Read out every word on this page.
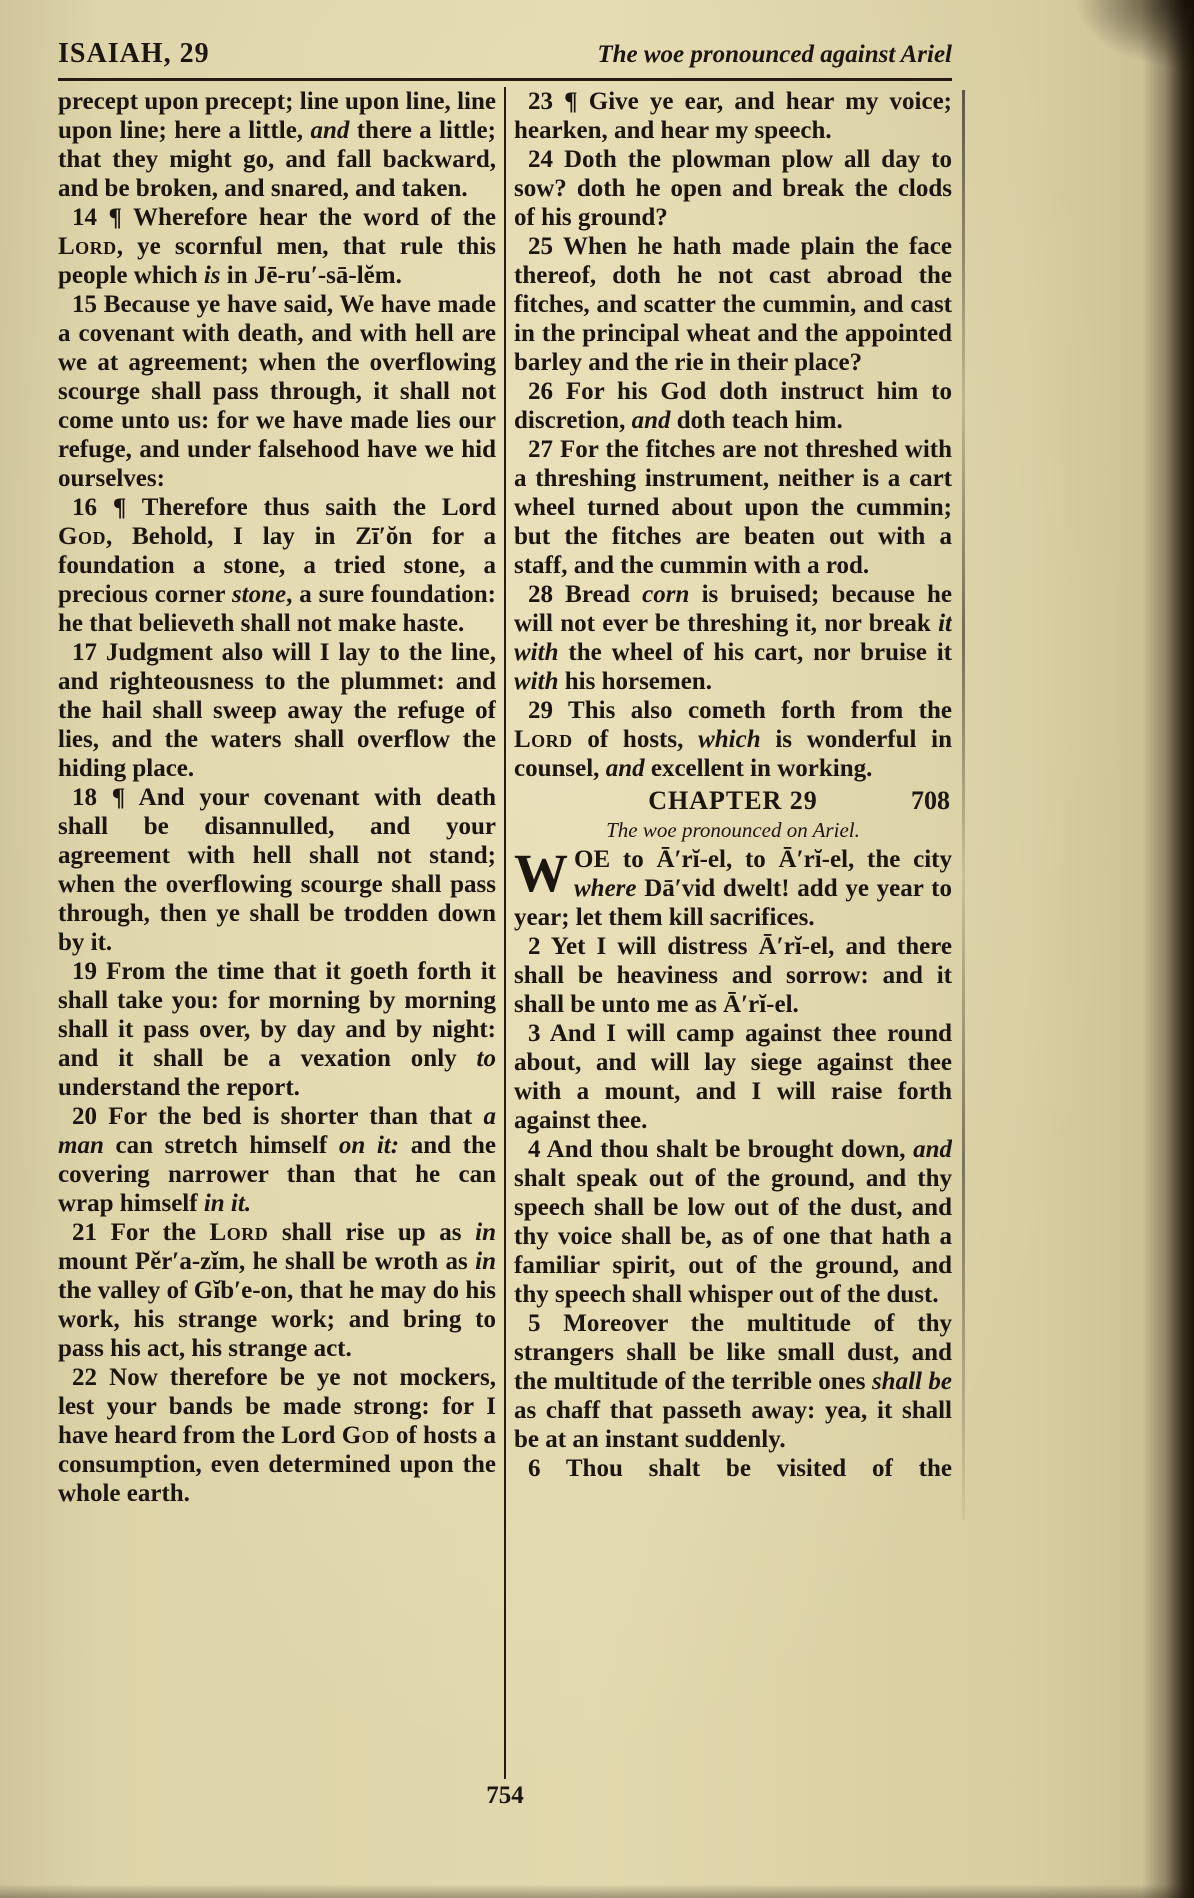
ISAIAH, 29	The woe pronounced against Ariel

precept upon precept; line upon line, line upon line; here a little, and there a little; that they might go, and fall backward, and be broken, and snared, and taken.

14 ¶ Wherefore hear the word of the Lord, ye scornful men, that rule this people which is in Jē-ru′-sā-lĕm.

15 Because ye have said, We have made a covenant with death, and with hell are we at agreement; when the overflowing scourge shall pass through, it shall not come unto us: for we have made lies our refuge, and under falsehood have we hid ourselves:

16 ¶ Therefore thus saith the Lord God, Behold, I lay in Zī′ŏn for a foundation a stone, a tried stone, a precious corner stone, a sure foundation: he that believeth shall not make haste.

17 Judgment also will I lay to the line, and righteousness to the plummet: and the hail shall sweep away the refuge of lies, and the waters shall overflow the hiding place.

18 ¶ And your covenant with death shall be disannulled, and your agreement with hell shall not stand; when the overflowing scourge shall pass through, then ye shall be trodden down by it.

19 From the time that it goeth forth it shall take you: for morning by morning shall it pass over, by day and by night: and it shall be a vexation only to understand the report.

20 For the bed is shorter than that a man can stretch himself on it: and the covering narrower than that he can wrap himself in it.

21 For the Lord shall rise up as in mount Pĕr′a-zĭm, he shall be wroth as in the valley of Gĭb′e-on, that he may do his work, his strange work; and bring to pass his act, his strange act.

22 Now therefore be ye not mockers, lest your bands be made strong: for I have heard from the Lord God of hosts a consumption, even determined upon the whole earth.

23 ¶ Give ye ear, and hear my voice; hearken, and hear my speech.

24 Doth the plowman plow all day to sow? doth he open and break the clods of his ground?

25 When he hath made plain the face thereof, doth he not cast abroad the fitches, and scatter the cummin, and cast in the principal wheat and the appointed barley and the rie in their place?

26 For his God doth instruct him to discretion, and doth teach him.

27 For the fitches are not threshed with a threshing instrument, neither is a cart wheel turned about upon the cummin; but the fitches are beaten out with a staff, and the cummin with a rod.

28 Bread corn is bruised; because he will not ever be threshing it, nor break it with the wheel of his cart, nor bruise it with his horsemen.

29 This also cometh forth from the Lord of hosts, which is wonderful in counsel, and excellent in working.

CHAPTER 29	708
The woe pronounced on Ariel.

WOE to Ā′rĭ-el, to Ā′rĭ-el, the city where Dā′vid dwelt! add ye year to year; let them kill sacrifices.

2 Yet I will distress Ā′rĭ-el, and there shall be heaviness and sorrow: and it shall be unto me as Ā′rĭ-el.

3 And I will camp against thee round about, and will lay siege against thee with a mount, and I will raise forth against thee.

4 And thou shalt be brought down, and shalt speak out of the ground, and thy speech shall be low out of the dust, and thy voice shall be, as of one that hath a familiar spirit, out of the ground, and thy speech shall whisper out of the dust.

5 Moreover the multitude of thy strangers shall be like small dust, and the multitude of the terrible ones shall be as chaff that passeth away: yea, it shall be at an instant suddenly.

6 Thou shalt be visited of the

754
